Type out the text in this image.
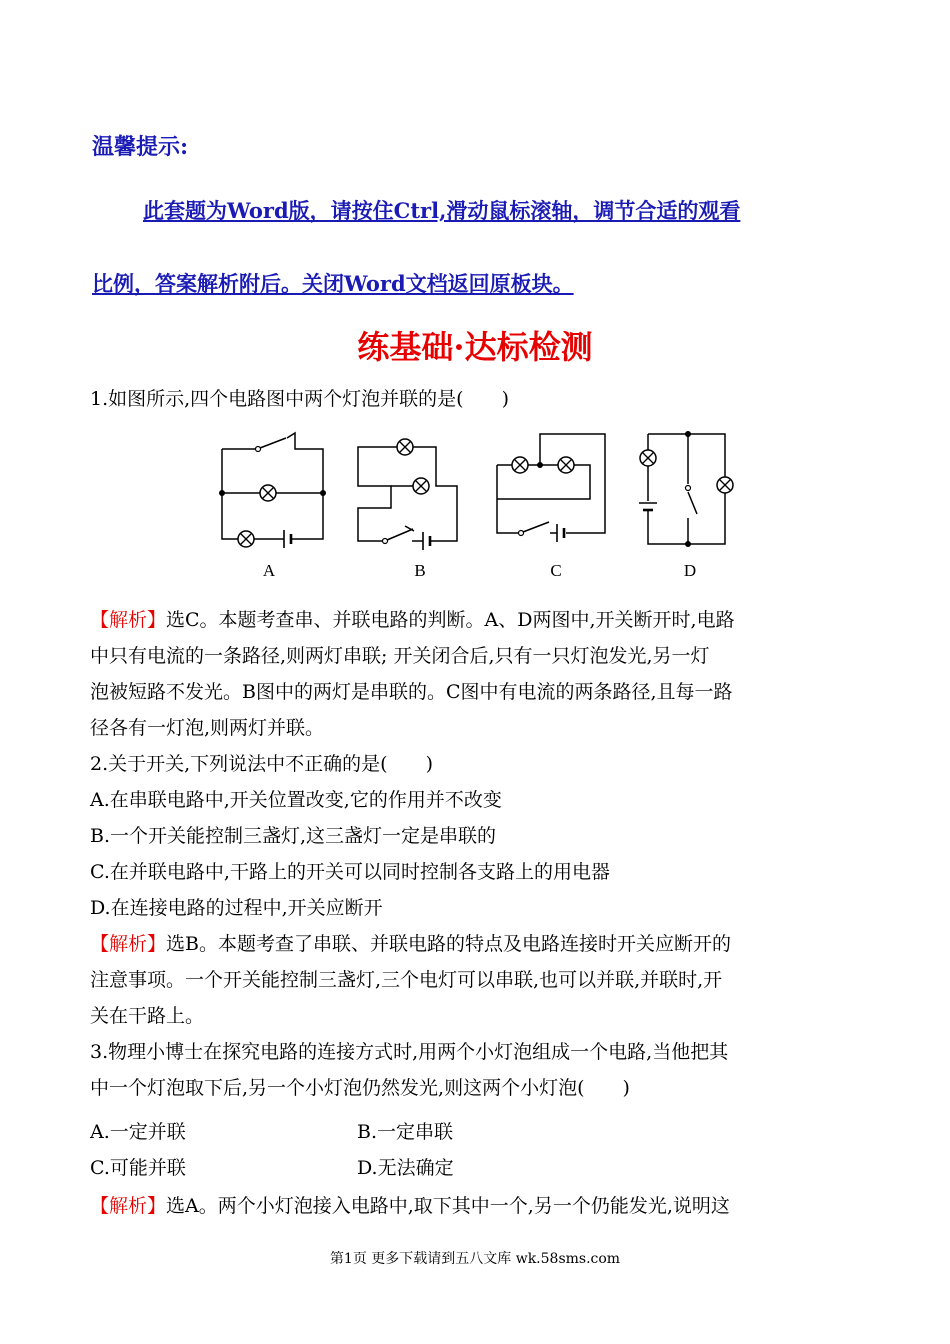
温馨提示:
此套题为Word版，请按住Ctrl,滑动鼠标滚轴，调节合适的观看
比例，答案解析附后。关闭Word文档返回原板块。
练基础·达标检测
1.如图所示,四个电路图中两个灯泡并联的是(　　)
A	B	C	D
【解析】选C。本题考查串、并联电路的判断。A、D两图中,开关断开时,电路
中只有电流的一条路径,则两灯串联; 开关闭合后,只有一只灯泡发光,另一灯
泡被短路不发光。B图中的两灯是串联的。C图中有电流的两条路径,且每一路
径各有一灯泡,则两灯并联。
2.关于开关,下列说法中不正确的是(　　)
A.在串联电路中,开关位置改变,它的作用并不改变
B.一个开关能控制三盏灯,这三盏灯一定是串联的
C.在并联电路中,干路上的开关可以同时控制各支路上的用电器
D.在连接电路的过程中,开关应断开
【解析】选B。本题考查了串联、并联电路的特点及电路连接时开关应断开的
注意事项。一个开关能控制三盏灯,三个电灯可以串联,也可以并联,并联时,开
关在干路上。
3.物理小博士在探究电路的连接方式时,用两个小灯泡组成一个电路,当他把其
中一个灯泡取下后,另一个小灯泡仍然发光,则这两个小灯泡(　　)
A.一定并联	B.一定串联
C.可能并联	D.无法确定
【解析】选A。两个小灯泡接入电路中,取下其中一个,另一个仍能发光,说明这
第1页 更多下载请到五八文库 wk.58sms.com
